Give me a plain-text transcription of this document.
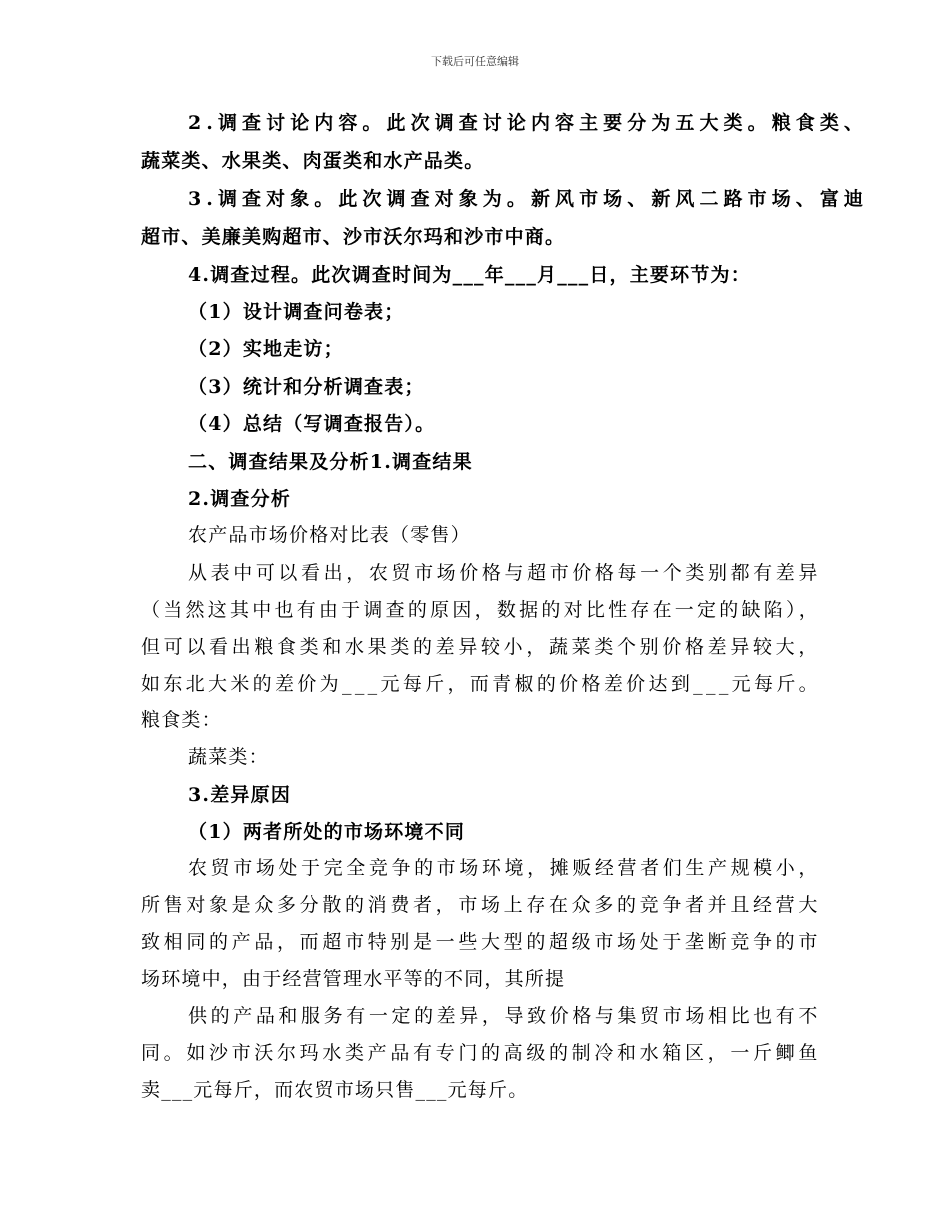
下载后可任意编辑
2.调查讨论内容。此次调查讨论内容主要分为五大类。粮食类、
蔬菜类、水果类、肉蛋类和水产品类。
3.调查对象。此次调查对象为。新风市场、新风二路市场、富迪
超市、美廉美购超市、沙市沃尔玛和沙市中商。
4.调查过程。此次调查时间为___年___月___日，主要环节为：
（1）设计调查问卷表；
（2）实地走访；
（3）统计和分析调查表；
（4）总结（写调查报告）。
二、调查结果及分析1.调查结果
2.调查分析
农产品市场价格对比表（零售）
从表中可以看出，农贸市场价格与超市价格每一个类别都有差异
（当然这其中也有由于调查的原因，数据的对比性存在一定的缺陷），
但可以看出粮食类和水果类的差异较小，蔬菜类个别价格差异较大，
如东北大米的差价为___元每斤，而青椒的价格差价达到___元每斤。
粮食类：
蔬菜类：
3.差异原因
（1）两者所处的市场环境不同
农贸市场处于完全竞争的市场环境，摊贩经营者们生产规模小，
所售对象是众多分散的消费者，市场上存在众多的竞争者并且经营大
致相同的产品，而超市特别是一些大型的超级市场处于垄断竞争的市
场环境中，由于经营管理水平等的不同，其所提
供的产品和服务有一定的差异，导致价格与集贸市场相比也有不
同。如沙市沃尔玛水类产品有专门的高级的制冷和水箱区，一斤鲫鱼
卖___元每斤，而农贸市场只售___元每斤。
